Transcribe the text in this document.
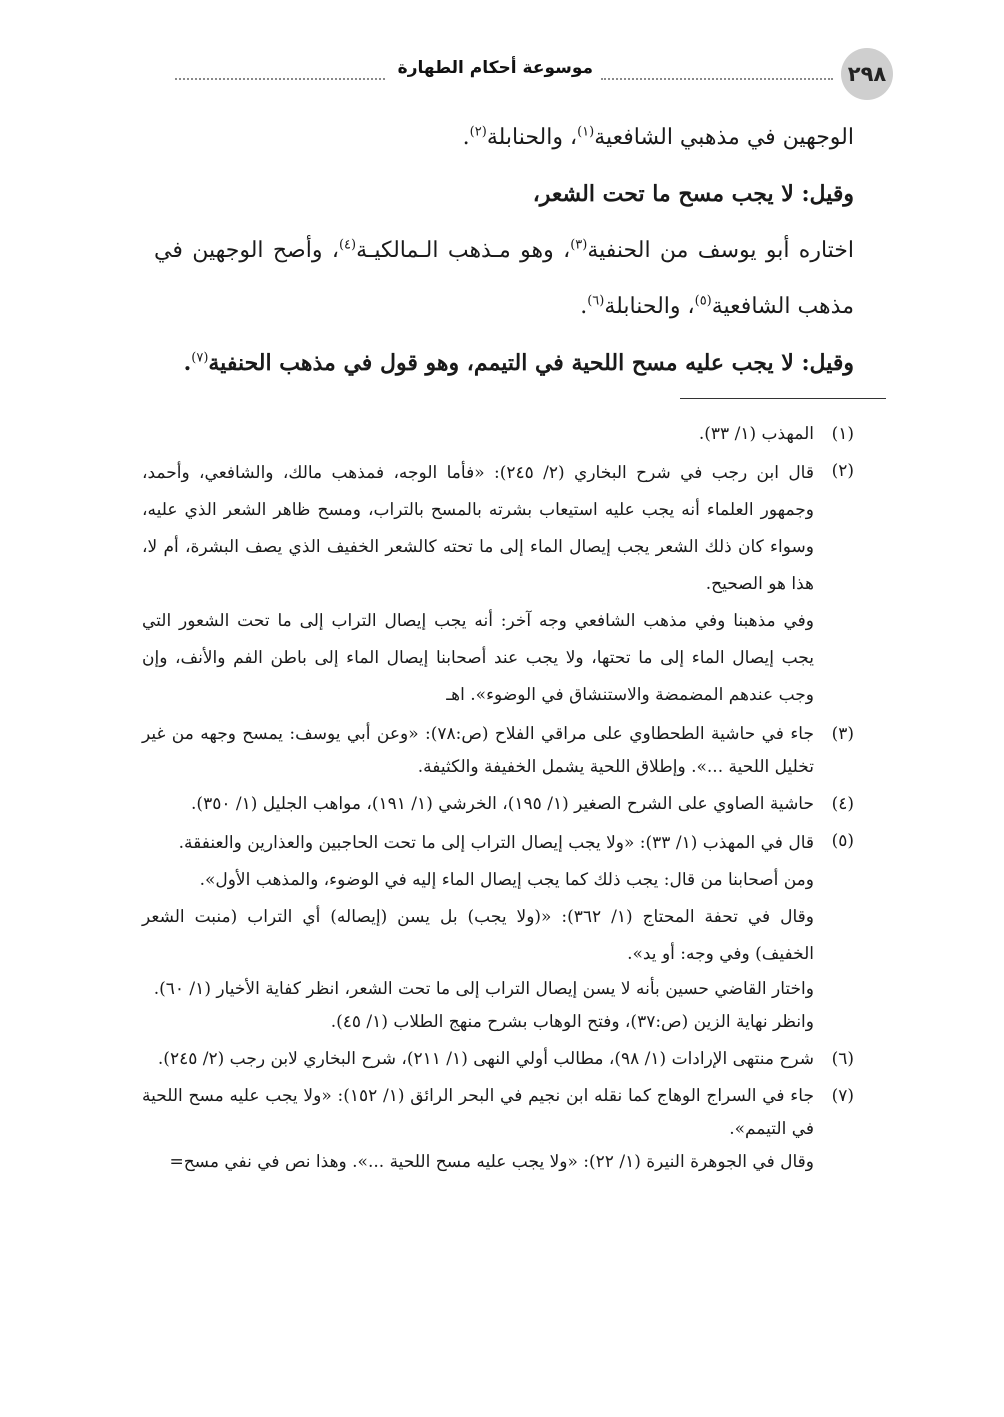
٢٩٨
موسوعة أحكام الطهارة

الوجهين في مذهبي الشافعية$^{(١)}$، والحنابلة$^{(٢)}$.

وقيل: لا يجب مسح ما تحت الشعر،

اختاره أبو يوسف من الحنفية$^{(٣)}$، وهو مـذهب الـمالكيـة$^{(٤)}$، وأصح الوجهين في مذهب الشافعية$^{(٥)}$، والحنابلة$^{(٦)}$.

وقيل: لا يجب عليه مسح اللحية في التيمم، وهو قول في مذهب الحنفية$^{(٧)}$.

(١)

المهذب (١/ ٣٣).

(٢)

قال ابن رجب في شرح البخاري (٢/ ٢٤٥): «فأما الوجه، فمذهب مالك، والشافعي، وأحمد، وجمهور العلماء أنه يجب عليه استيعاب بشرته بالمسح بالتراب، ومسح ظاهر الشعر الذي عليه، وسواء كان ذلك الشعر يجب إيصال الماء إلى ما تحته كالشعر الخفيف الذي يصف البشرة، أم لا، هذا هو الصحيح.

وفي مذهبنا وفي مذهب الشافعي وجه آخر: أنه يجب إيصال التراب إلى ما تحت الشعور التي يجب إيصال الماء إلى ما تحتها، ولا يجب عند أصحابنا إيصال الماء إلى باطن الفم والأنف، وإن وجب عندهم المضمضة والاستنشاق في الوضوء». اهـ

(٣)

جاء في حاشية الطحطاوي على مراقي الفلاح (ص:٧٨): «وعن أبي يوسف: يمسح وجهه من غير تخليل اللحية ...». وإطلاق اللحية يشمل الخفيفة والكثيفة.

(٤)

حاشية الصاوي على الشرح الصغير (١/ ١٩٥)، الخرشي (١/ ١٩١)، مواهب الجليل (١/ ٣٥٠).

(٥)

قال في المهذب (١/ ٣٣): «ولا يجب إيصال التراب إلى ما تحت الحاجبين والعذارين والعنفقة.

ومن أصحابنا من قال: يجب ذلك كما يجب إيصال الماء إليه في الوضوء، والمذهب الأول».

وقال في تحفة المحتاج (١/ ٣٦٢): «(ولا يجب) بل يسن (إيصاله) أي التراب (منبت الشعر الخفيف) وفي وجه: أو يد».

واختار القاضي حسين بأنه لا يسن إيصال التراب إلى ما تحت الشعر، انظر كفاية الأخيار (١/ ٦٠).

وانظر نهاية الزين (ص:٣٧)، وفتح الوهاب بشرح منهج الطلاب (١/ ٤٥).

(٦)

شرح منتهى الإرادات (١/ ٩٨)، مطالب أولي النهى (١/ ٢١١)، شرح البخاري لابن رجب (٢/ ٢٤٥).

(٧)

جاء في السراج الوهاج كما نقله ابن نجيم في البحر الرائق (١/ ١٥٢): «ولا يجب عليه مسح اللحية في التيمم».

وقال في الجوهرة النيرة (١/ ٢٢): «ولا يجب عليه مسح اللحية ...». وهذا نص في نفي مسح=
